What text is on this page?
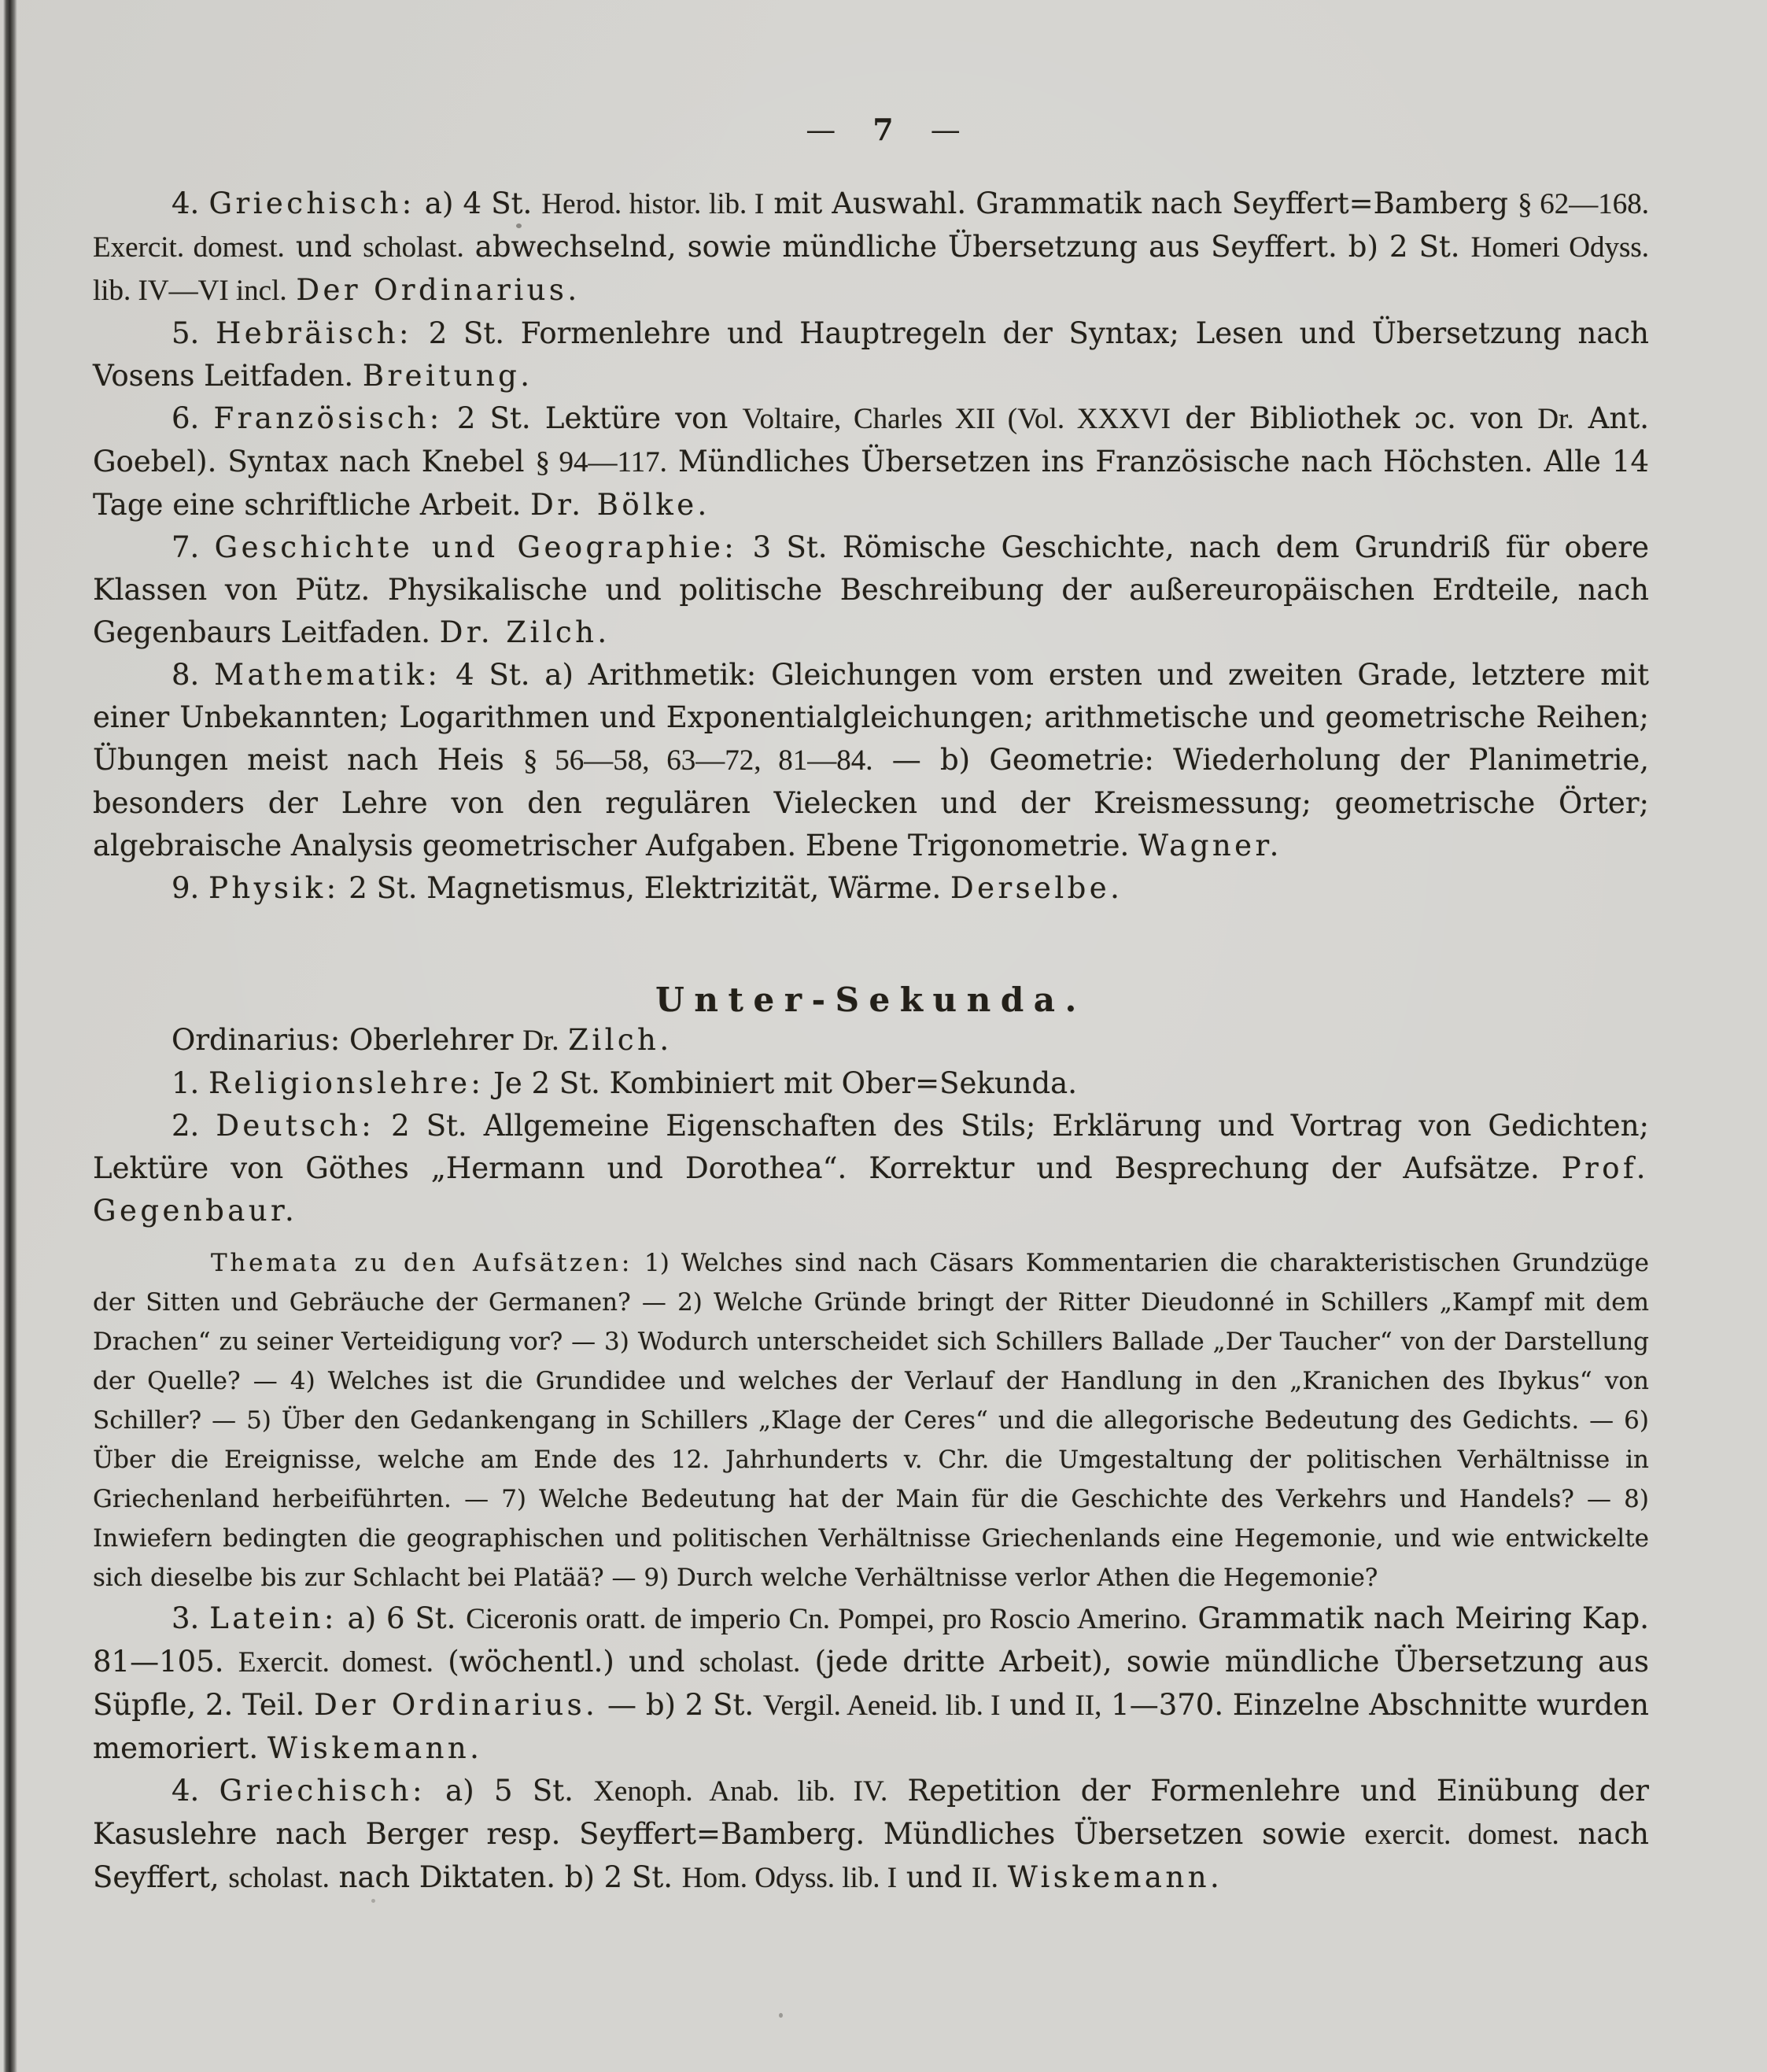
— 7 —

4. Griechisch: a) 4 St. Herod. histor. lib. I mit Auswahl. Grammatik nach Seyffert=Bamberg § 62—168. Exercit. domest. und scholast. abwechselnd, sowie mündliche Übersetzung aus Seyffert. b) 2 St. Homeri Odyss. lib. IV—VI incl. Der Ordinarius.

5. Hebräisch: 2 St. Formenlehre und Hauptregeln der Syntax; Lesen und Übersetzung nach Vosens Leitfaden. Breitung.

6. Französisch: 2 St. Lektüre von Voltaire, Charles XII (Vol. XXXVI der Bibliothek ɔc. von Dr. Ant. Goebel). Syntax nach Knebel § 94—117. Mündliches Übersetzen ins Französische nach Höchsten. Alle 14 Tage eine schriftliche Arbeit. Dr. Bölke.

7. Geschichte und Geographie: 3 St. Römische Geschichte, nach dem Grundriß für obere Klassen von Pütz. Physikalische und politische Beschreibung der außereuropäischen Erdteile, nach Gegenbaurs Leitfaden. Dr. Zilch.

8. Mathematik: 4 St. a) Arithmetik: Gleichungen vom ersten und zweiten Grade, letztere mit einer Unbekannten; Logarithmen und Exponentialgleichungen; arithmetische und geometrische Reihen; Übungen meist nach Heis § 56—58, 63—72, 81—84. — b) Geometrie: Wiederholung der Planimetrie, besonders der Lehre von den regulären Vielecken und der Kreismessung; geometrische Örter; algebraische Analysis geometrischer Aufgaben. Ebene Trigonometrie. Wagner.

9. Physik: 2 St. Magnetismus, Elektrizität, Wärme. Derselbe.

Unter-Sekunda.

Ordinarius: Oberlehrer Dr. Zilch.

1. Religionslehre: Je 2 St. Kombiniert mit Ober=Sekunda.

2. Deutsch: 2 St. Allgemeine Eigenschaften des Stils; Erklärung und Vortrag von Gedichten; Lektüre von Göthes „Hermann und Dorothea“. Korrektur und Besprechung der Aufsätze. Prof. Gegenbaur.

Themata zu den Aufsätzen: 1) Welches sind nach Cäsars Kommentarien die charakteristischen Grundzüge der Sitten und Gebräuche der Germanen? — 2) Welche Gründe bringt der Ritter Dieudonné in Schillers „Kampf mit dem Drachen“ zu seiner Verteidigung vor? — 3) Wodurch unterscheidet sich Schillers Ballade „Der Taucher“ von der Darstellung der Quelle? — 4) Welches ist die Grundidee und welches der Verlauf der Handlung in den „Kranichen des Ibykus“ von Schiller? — 5) Über den Gedankengang in Schillers „Klage der Ceres“ und die allegorische Bedeutung des Gedichts. — 6) Über die Ereignisse, welche am Ende des 12. Jahrhunderts v. Chr. die Umgestaltung der politischen Verhältnisse in Griechenland herbeiführten. — 7) Welche Bedeutung hat der Main für die Geschichte des Verkehrs und Handels? — 8) Inwiefern bedingten die geographischen und politischen Verhältnisse Griechenlands eine Hegemonie, und wie entwickelte sich dieselbe bis zur Schlacht bei Platää? — 9) Durch welche Verhältnisse verlor Athen die Hegemonie?

3. Latein: a) 6 St. Ciceronis oratt. de imperio Cn. Pompei, pro Roscio Amerino. Grammatik nach Meiring Kap. 81—105. Exercit. domest. (wöchentl.) und scholast. (jede dritte Arbeit), sowie mündliche Übersetzung aus Süpfle, 2. Teil. Der Ordinarius. — b) 2 St. Vergil. Aeneid. lib. I und II, 1—370. Einzelne Abschnitte wurden memoriert. Wiskemann.

4. Griechisch: a) 5 St. Xenoph. Anab. lib. IV. Repetition der Formenlehre und Einübung der Kasuslehre nach Berger resp. Seyffert=Bamberg. Mündliches Übersetzen sowie exercit. domest. nach Seyffert, scholast. nach Diktaten. b) 2 St. Hom. Odyss. lib. I und II. Wiskemann.
